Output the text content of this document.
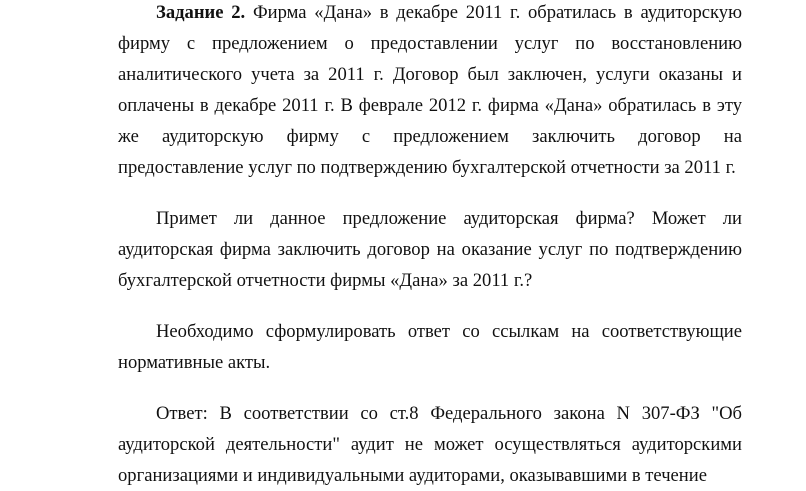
Задание 2. Фирма «Дана» в декабре 2011 г. обратилась в аудиторскую фирму с предложением о предоставлении услуг по восстановлению аналитического учета за 2011 г. Договор был заключен, услуги оказаны и оплачены в декабре 2011 г. В феврале 2012 г. фирма «Дана» обратилась в эту же аудиторскую фирму с предложением заключить договор на предоставление услуг по подтверждению бухгалтерской отчетности за 2011 г.

Примет ли данное предложение аудиторская фирма? Может ли аудиторская фирма заключить договор на оказание услуг по подтверждению бухгалтерской отчетности фирмы «Дана» за 2011 г.?

Необходимо сформулировать ответ со ссылкам на соответствующие нормативные акты.

Ответ: В соответствии со ст.8 Федерального закона N 307-ФЗ "Об аудиторской деятельности" аудит не может осуществляться аудиторскими организациями и индивидуальными аудиторами, оказывавшими в течение
